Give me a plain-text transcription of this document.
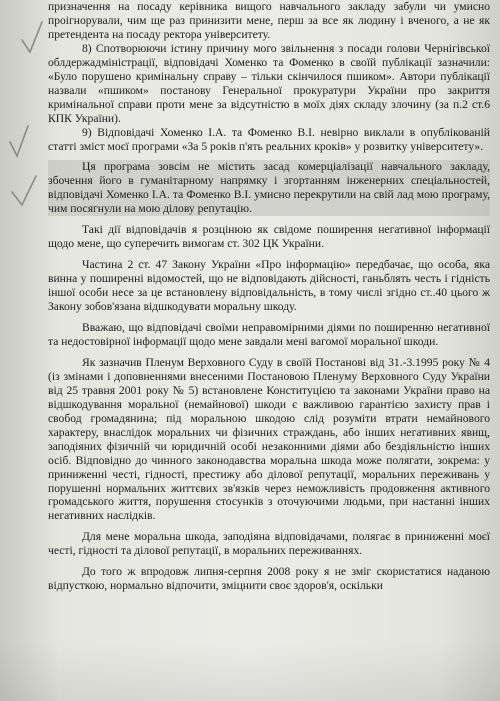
призначення на посаду керівника вищого навчального закладу забули чи умисно проігнорували, чим ще раз принизити мене, перш за все як людину і вченого, а не як претендента на посаду ректора університету.

8) Спотворюючи істину причину мого звільнення з посади голови Чернігівської облдержадміністрації, відповідачі Хоменко та Фоменко в своїй публікації зазначили: «Було порушено кримінальну справу – тільки скінчилося пшиком». Автори публікації назвали «пшиком» постанову Генеральної прокуратури України про закриття кримінальної справи проти мене за відсутністю в моїх діях складу злочину (за п.2 ст.6 КПК України).

9) Відповідачі Хоменко І.А. та Фоменко В.І. невірно виклали в опублікованій статті зміст моєї програми «За 5 років п'ять реальних кроків» у розвитку університету».

Ця програма зовсім не містить засад комерціалізації навчального закладу, збочення його в гуманітарному напрямку і згортанням інженерних спеціальностей, відповідачі Хоменко І.А. та Фоменко В.І. умисно перекрутили на свій лад мою програму, чим посягнули на мою ділову репутацію.

Такі дії відповідачів я розцінюю як свідоме поширення негативної інформації щодо мене, що суперечить вимогам ст. 302 ЦК України.

Частина 2 ст. 47 Закону України «Про інформацію» передбачає, що особа, яка винна у поширенні відомостей, що не відповідають дійсності, ганьблять честь і гідність іншої особи несе за це встановлену відповідальність, в тому числі згідно ст..40 цього ж Закону зобов'язана відшкодувати моральну шкоду.

Вважаю, що відповідачі своїми неправомірними діями по поширенню негативної та недостовірної інформації щодо мене завдали мені вагомої моральної шкоди.

Як зазначив Пленум Верховного Суду в своїй Постанові від 31.-3.1995 року № 4 (із змінами і доповненнями внесеними Постановою Пленуму Верховного Суду України від 25 травня 2001 року № 5) встановлене Конституцією та законами України право на відшкодування моральної (немайнової) шкоди є важливою гарантією захисту прав і свобод громадянина; під моральною шкодою слід розуміти втрати немайнового характеру, внаслідок моральних чи фізичних страждань, або інших негативних явищ, заподіяних фізичній чи юридичній особі незаконними діями або бездіяльністю інших осіб. Відповідно до чинного законодавства моральна шкода може полягати, зокрема: у приниженні честі, гідності, престижу або ділової репутації, моральних переживань у порушенні нормальних життєвих зв'язків через неможливість продовження активного громадського життя, порушення стосунків з оточуючими людьми, при настанні інших негативних наслідків.

Для мене моральна шкода, заподіяна відповідачами, полягає в приниженні моєї честі, гідності та ділової репутації, в моральних переживаннях.

До того ж впродовж липня-серпня 2008 року я не зміг скористатися наданою відпусткою, нормально відпочити, зміцнити своє здоров'я, оскільки
